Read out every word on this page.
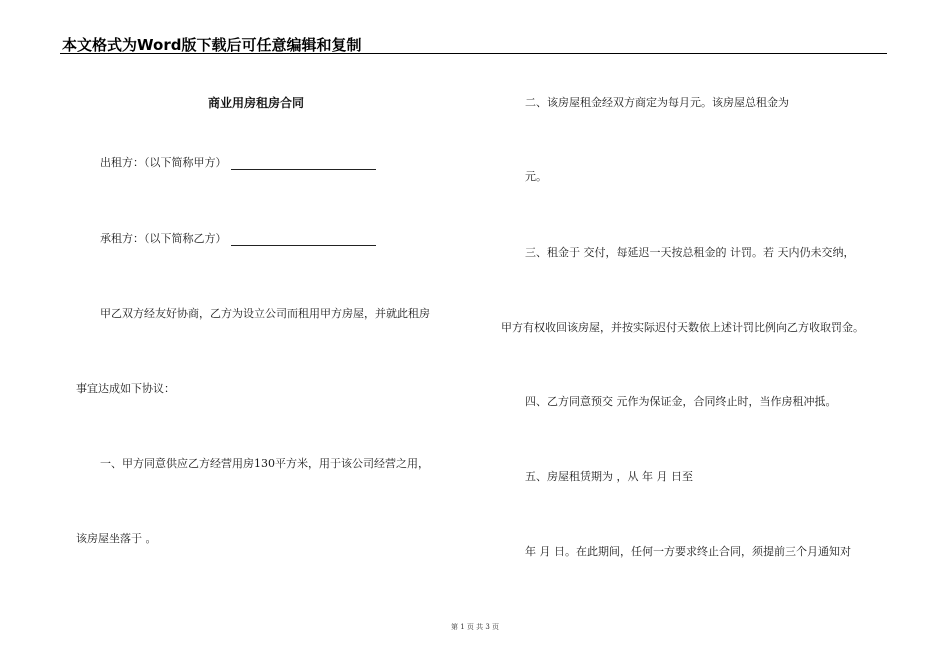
本文格式为Word版下载后可任意编辑和复制
商业用房租房合同
出租方：（以下简称甲方）
承租方：（以下简称乙方）
甲乙双方经友好协商，乙方为设立公司而租用甲方房屋，并就此租房
事宜达成如下协议：
一、甲方同意供应乙方经营用房130平方米，用于该公司经营之用，
该房屋坐落于 。
二、该房屋租金经双方商定为每月元。该房屋总租金为
元。
三、租金于 交付，每延迟一天按总租金的 计罚。若 天内仍未交纳，
甲方有权收回该房屋，并按实际迟付天数依上述计罚比例向乙方收取罚金。
四、乙方同意预交 元作为保证金，合同终止时，当作房租冲抵。
五、房屋租赁期为 ，从 年 月 日至
年 月 日。在此期间，任何一方要求终止合同，须提前三个月通知对
第 1 页 共 3 页
